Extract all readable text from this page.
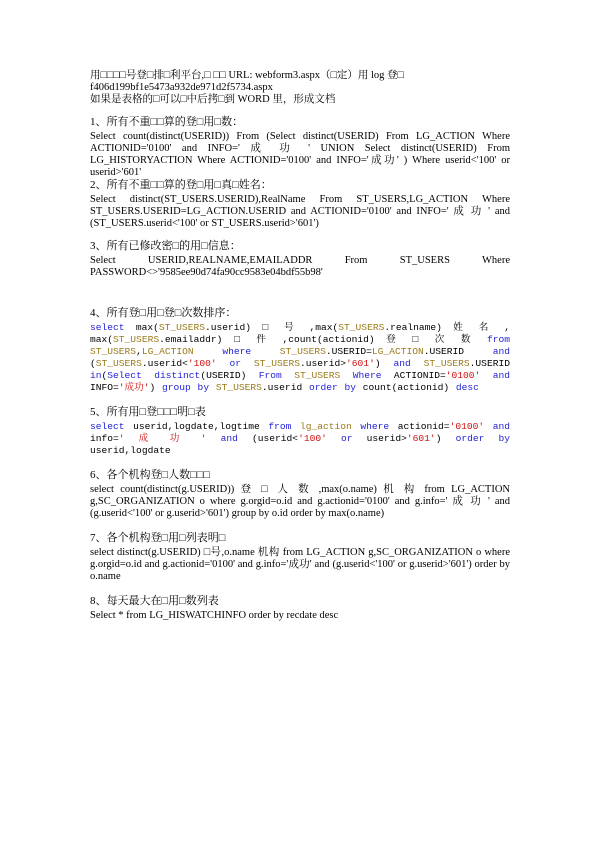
用□□□□号登□排□利平台,□ □□ URL: webform3.aspx（□定）用 log 登□

f406d199bf1e5473a932de971d2f5734.aspx

如果是表格的□可以□中后拷□到 WORD 里，形成文档

1、所有不重□□算的登□用□数：

Select count(distinct(USERID)) From (Select distinct(USERID) From LG_ACTION Where ACTIONID='0100' and INFO=' 成 功 ' UNION Select distinct(USERID) From LG_HISTORYACTION Where ACTIONID='0100' and INFO='成功' ) Where userid<'100' or userid>'601'

2、所有不重□□算的登□用□真□姓名：

Select distinct(ST_USERS.USERID),RealName From ST_USERS,LG_ACTION Where ST_USERS.USERID=LG_ACTION.USERID and ACTIONID='0100' and INFO=' 成 功 ' and (ST_USERS.userid<'100' or ST_USERS.userid>'601')

3、所有已修改密□的用□信息：

Select USERID,REALNAME,EMAILADDR From ST_USERS Where PASSWORD<>'9585ee90d74fa90cc9583e04bdf55b98'

4、所有登□用□登□次数排序：

select max(ST_USERS.userid) □ 号 ,max(ST_USERS.realname) 姓 名 , max(ST_USERS.emailaddr) □ 件 ,count(actionid) 登 □ 次 数 from ST_USERS,LG_ACTION	where	ST_USERS.USERID=LG_ACTION.USERID and (ST_USERS.userid<'100' or ST_USERS.userid>'601') and ST_USERS.USERID in(Select distinct(USERID) From ST_USERS Where ACTIONID='0100' and INFO='成功') group by ST_USERS.userid order by count(actionid) desc

5、所有用□登□□□明□表

select userid,logdate,logtime from lg_action where actionid='0100' and info=' 成 功 ' and (userid<'100' or userid>'601') order by userid,logdate

6、各个机构登□人数□□□

select count(distinct(g.USERID)) 登 □ 人 数 ,max(o.name) 机 构 from LG_ACTION g,SC_ORGANIZATION o where g.orgid=o.id and g.actionid='0100' and g.info=' 成 功 ' and (g.userid<'100' or g.userid>'601') group by o.id order by max(o.name)

7、各个机构登□用□列表明□

select distinct(g.USERID) □号,o.name 机构 from LG_ACTION g,SC_ORGANIZATION o where g.orgid=o.id and g.actionid='0100' and g.info='成功' and (g.userid<'100' or g.userid>'601') order by o.name

8、每天最大在□用□数列表

Select * from LG_HISWATCHINFO order by recdate desc
